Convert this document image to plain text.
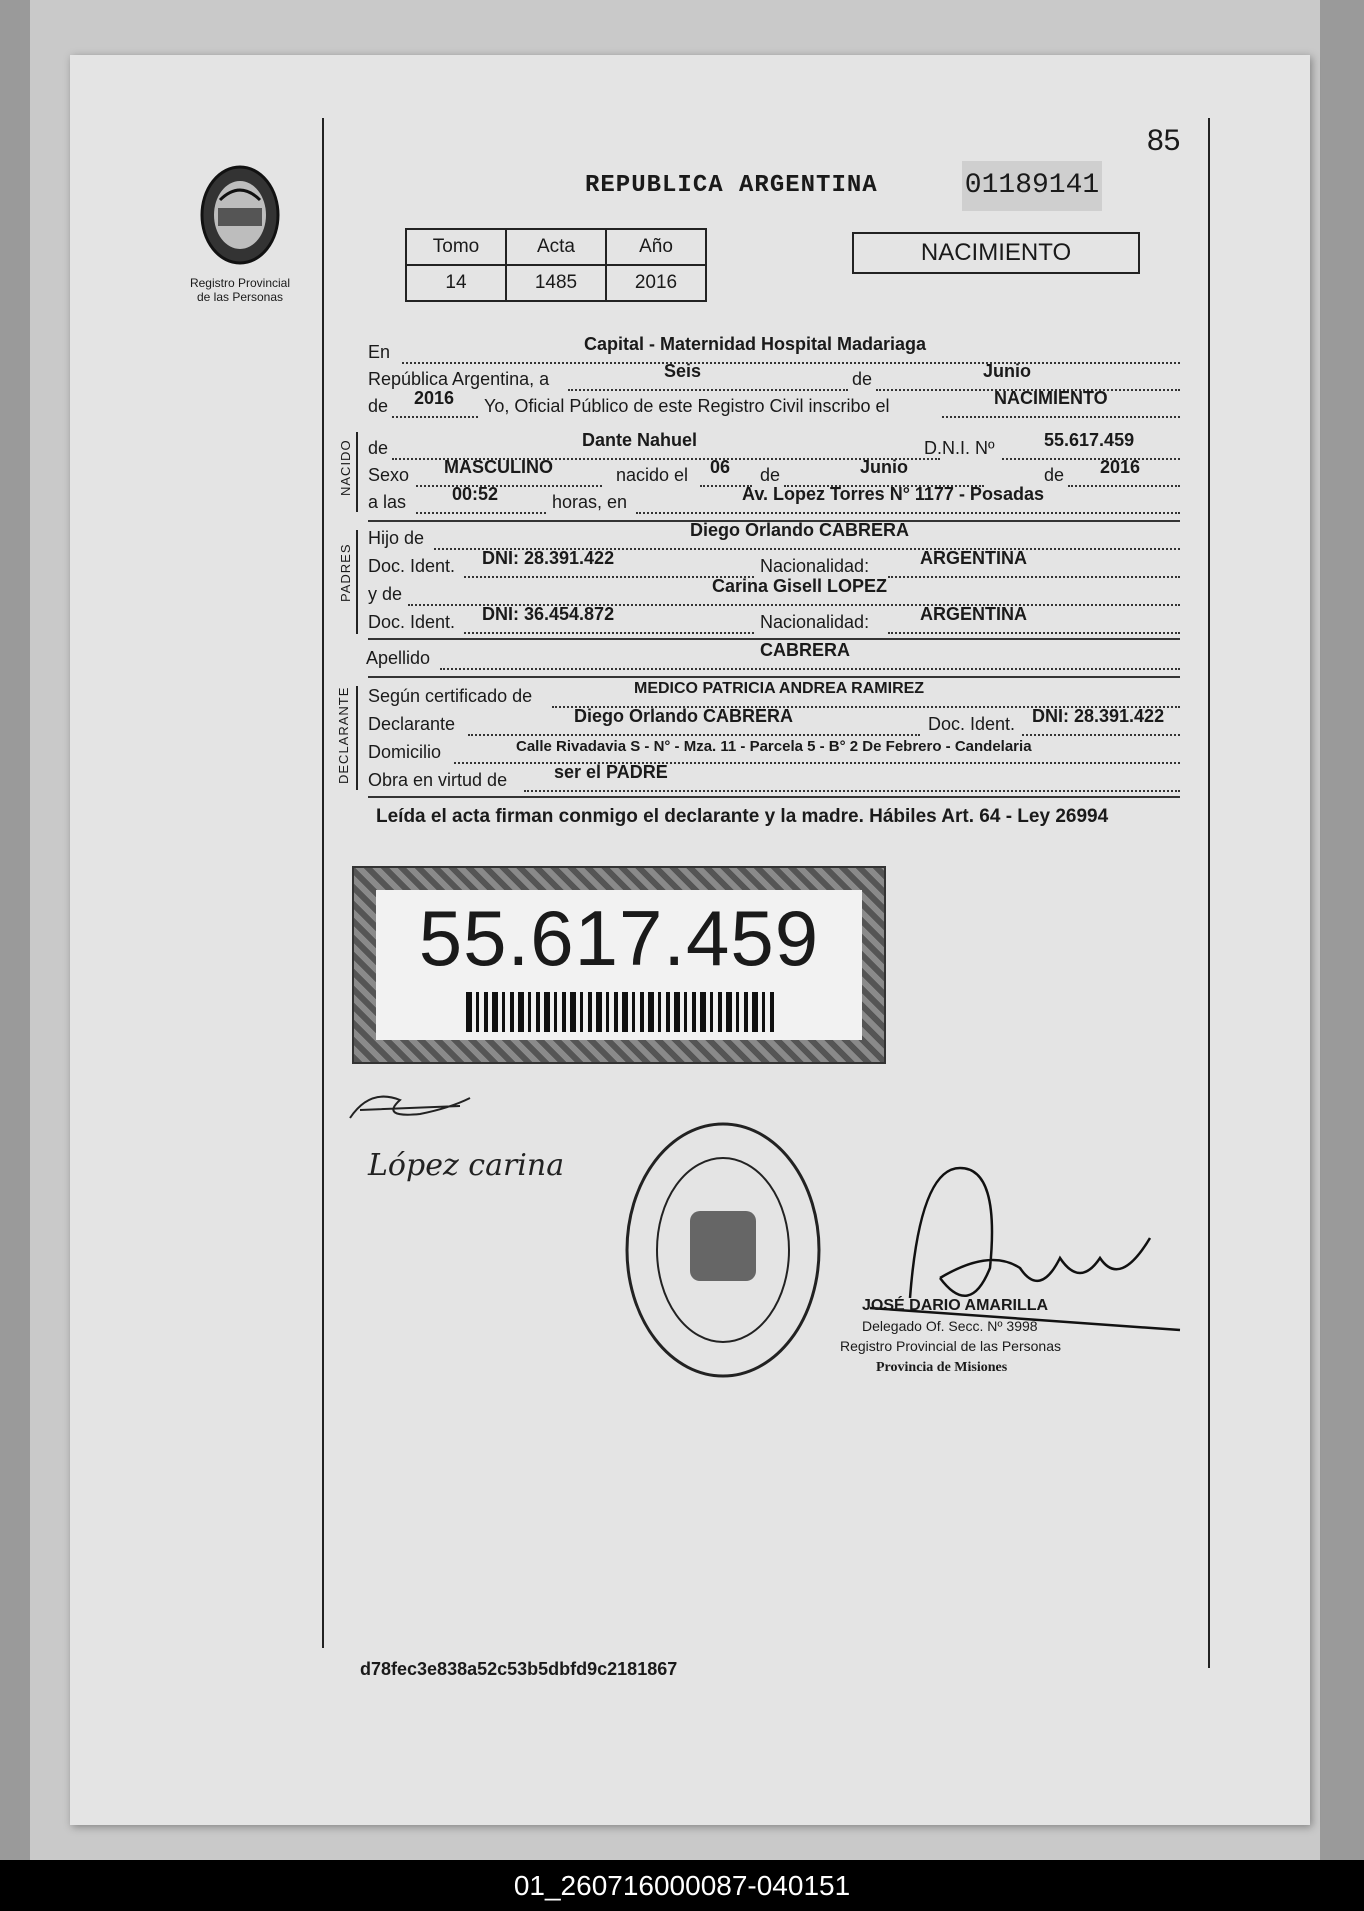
85
Registro Provincial
de las Personas
REPUBLICA ARGENTINA	01189141
Tomo	Acta	Año
14	1485	2016
NACIMIENTO
En	Capital - Maternidad Hospital Madariaga
República Argentina, a	Seis	de	Junio
de 2016 Yo, Oficial Público de este Registro Civil inscribo el	NACIMIENTO
NACIDO de	Dante Nahuel	D.N.I. Nº	55.617.459
Sexo MASCULINO	nacido el 06 de	Junio	de 2016
a las	00:52	horas, en	Av. Lopez Torres N° 1177 - Posadas
PADRES
Hijo de	Diego Orlando CABRERA
Doc. Ident. DNI: 28.391.422	Nacionalidad:	ARGENTINA
y de	Carina Gisell LOPEZ
Doc. Ident. DNI: 36.454.872	Nacionalidad:	ARGENTINA
Apellido	CABRERA
DECLARANTE Según certificado de	MEDICO PATRICIA ANDREA RAMIREZ
Declarante	Diego Orlando CABRERA	Doc. Ident. DNI: 28.391.422
Domicilio	Calle Rivadavia S - N° - Mza. 11 - Parcela 5 - B° 2 De Febrero - Candelaria
Obra en virtud de	ser el PADRE
Leída el acta firman conmigo el declarante y la madre. Hábiles Art. 64 - Ley 26994
55.617.459
López carina
JOSÉ DARIO AMARILLA
Delegado Of. Secc. Nº 3998
Registro Provincial de las Personas
Provincia de Misiones
d78fec3e838a52c53b5dbfd9c2181867
01_260716000087-040151
